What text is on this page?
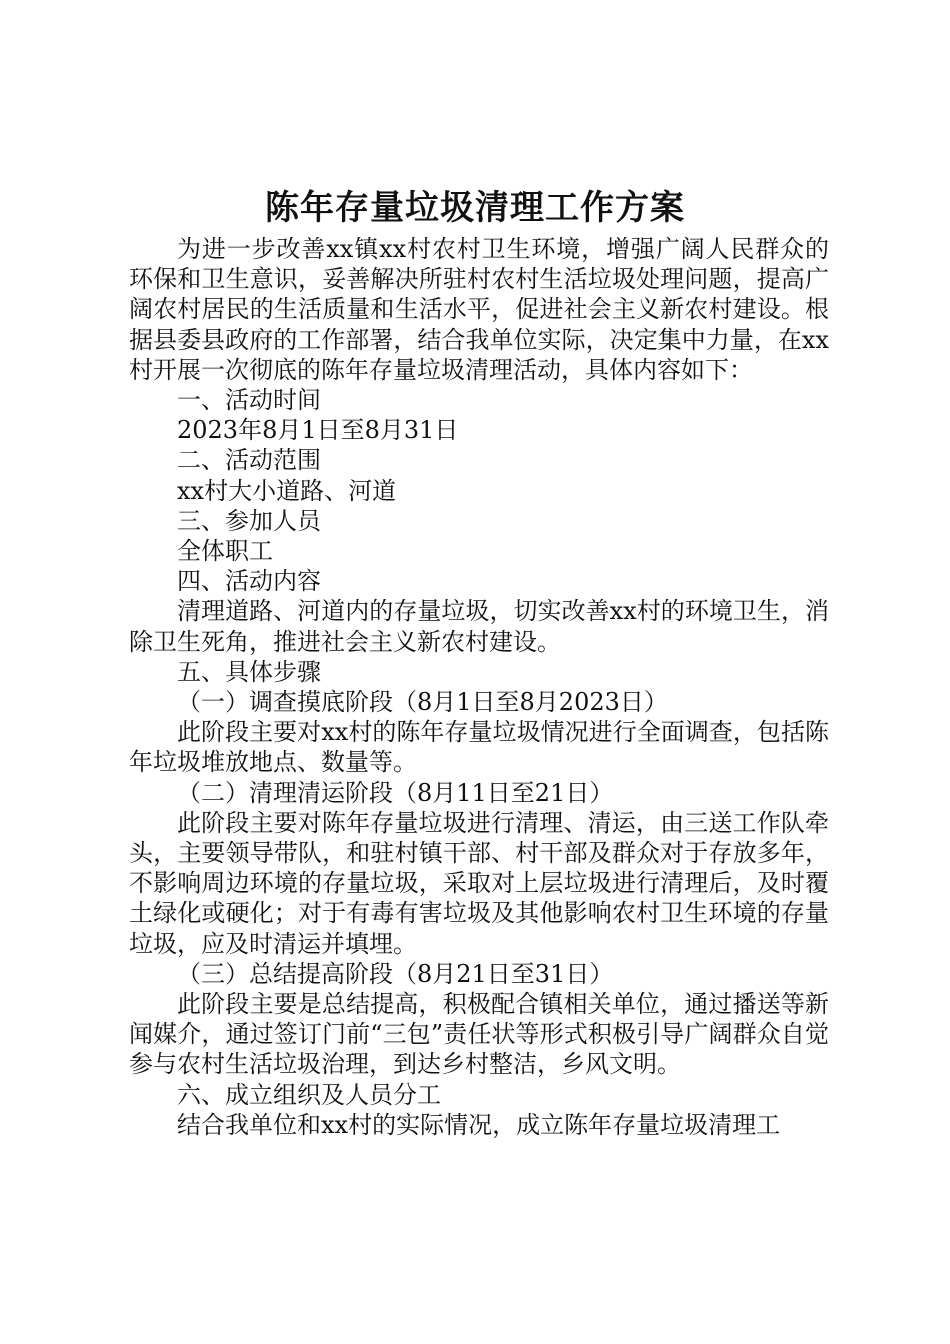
陈年存量垃圾清理工作方案

为进一步改善xx镇xx村农村卫生环境，增强广阔人民群众的环保和卫生意识，妥善解决所驻村农村生活垃圾处理问题，提高广阔农村居民的生活质量和生活水平，促进社会主义新农村建设。根据县委县政府的工作部署，结合我单位实际，决定集中力量，在xx村开展一次彻底的陈年存量垃圾清理活动，具体内容如下：

一、活动时间

2023年8月1日至8月31日

二、活动范围

xx村大小道路、河道

三、参加人员

全体职工

四、活动内容

清理道路、河道内的存量垃圾，切实改善xx村的环境卫生，消除卫生死角，推进社会主义新农村建设。

五、具体步骤

（一）调查摸底阶段（8月1日至8月2023日）

此阶段主要对xx村的陈年存量垃圾情况进行全面调查，包括陈年垃圾堆放地点、数量等。

（二）清理清运阶段（8月11日至21日）

此阶段主要对陈年存量垃圾进行清理、清运，由三送工作队牵头，主要领导带队，和驻村镇干部、村干部及群众对于存放多年，不影响周边环境的存量垃圾，采取对上层垃圾进行清理后，及时覆土绿化或硬化；对于有毒有害垃圾及其他影响农村卫生环境的存量垃圾，应及时清运并填埋。

（三）总结提高阶段（8月21日至31日）

此阶段主要是总结提高，积极配合镇相关单位，通过播送等新闻媒介，通过签订门前“三包”责任状等形式积极引导广阔群众自觉参与农村生活垃圾治理，到达乡村整洁，乡风文明。

六、成立组织及人员分工

结合我单位和xx村的实际情况，成立陈年存量垃圾清理工
